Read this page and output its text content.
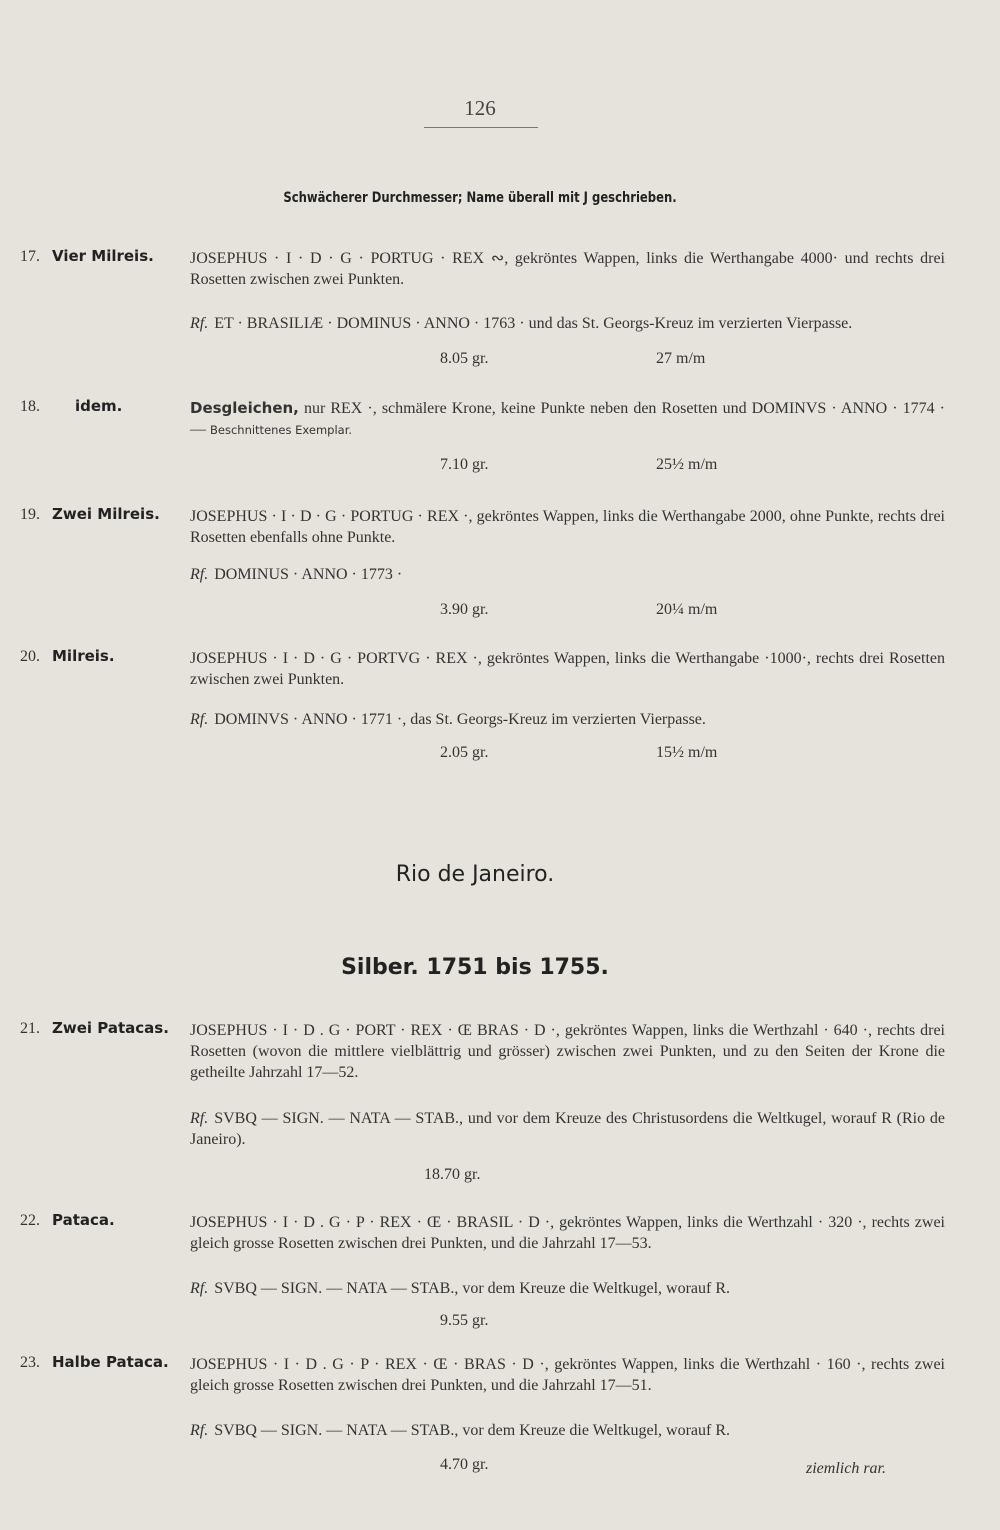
126
Schwächerer Durchmesser; Name überall mit J geschrieben.
17. Vier Milreis. JOSEPHUS · I · D · G · PORTUG · REX ∾, gekröntes Wappen, links die Werthangabe 4000· und rechts drei Rosetten zwischen zwei Punkten.
Rf. ET · BRASILIÆ · DOMINUS · ANNO · 1763 · und das St. Georgs-Kreuz im verzierten Vierpasse.
8.05 gr.	27 m/m
18. idem.	Desgleichen, nur REX ·, schmälere Krone, keine Punkte neben den Rosetten und DOMINVS · ANNO · 1774 · — Beschnittenes Exemplar.
7.10 gr.	25½ m/m
19. Zwei Milreis. JOSEPHUS · I · D · G · PORTUG · REX ·, gekröntes Wappen, links die Werthangabe 2000, ohne Punkte, rechts drei Rosetten ebenfalls ohne Punkte.
Rf. DOMINUS · ANNO · 1773 ·
3.90 gr.	20¼ m/m
20. Milreis.	JOSEPHUS · I · D · G · PORTVG · REX ·, gekröntes Wappen, links die Werthangabe ·1000·, rechts drei Rosetten zwischen zwei Punkten.
Rf. DOMINVS · ANNO · 1771 ·, das St. Georgs-Kreuz im verzierten Vierpasse.
2.05 gr.	15½ m/m
Rio de Janeiro.
Silber. 1751 bis 1755.
21. Zwei Patacas. JOSEPHUS · I · D . G · PORT · REX · Œ BRAS · D ·, gekröntes Wappen, links die Werthzahl · 640 ·, rechts drei Rosetten (wovon die mittlere vielblättrig und grösser) zwischen zwei Punkten, und zu den Seiten der Krone die getheilte Jahrzahl 17—52.
Rf. SVBQ — SIGN. — NATA — STAB., und vor dem Kreuze des Christusordens die Weltkugel, worauf R (Rio de Janeiro).
18.70 gr.
22. Pataca.	JOSEPHUS · I · D . G · P · REX · Œ · BRASIL · D ·, gekröntes Wappen, links die Werthzahl · 320 ·, rechts zwei gleich grosse Rosetten zwischen drei Punkten, und die Jahrzahl 17—53.
Rf. SVBQ — SIGN. — NATA — STAB., vor dem Kreuze die Weltkugel, worauf R.
9.55 gr.
23. Halbe Pataca. JOSEPHUS · I · D . G · P · REX · Œ · BRAS · D ·, gekröntes Wappen, links die Werthzahl · 160 ·, rechts zwei gleich grosse Rosetten zwischen drei Punkten, und die Jahrzahl 17—51.
Rf. SVBQ — SIGN. — NATA — STAB., vor dem Kreuze die Weltkugel, worauf R.
4.70 gr.	ziemlich rar.
